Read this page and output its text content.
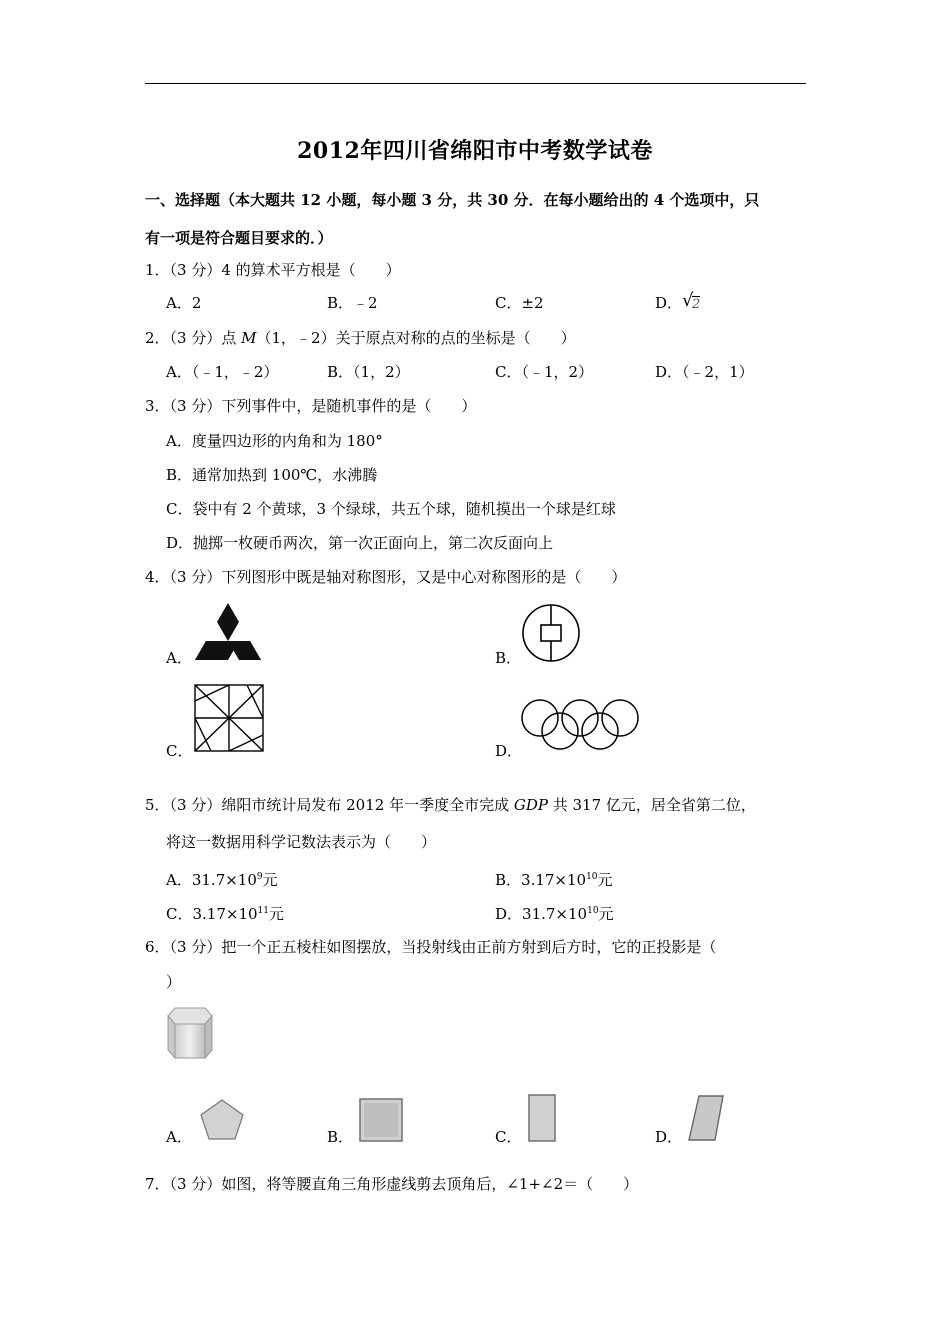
2012年四川省绵阳市中考数学试卷
一、选择题（本大题共 12 小题，每小题 3 分，共 30 分．在每小题给出的 4 个选项中，只
有一项是符合题目要求的．）
1．（3 分）4 的算术平方根是（　　）
A．2	B．﹣2	C．±2	D． √
2
2．（3 分）点 M（1，﹣2）关于原点对称的点的坐标是（　　）
A．（﹣1，﹣2）	B．（1，2）	C．（﹣1，2）	D．（﹣2，1）
3．（3 分）下列事件中，是随机事件的是（　　）
A．度量四边形的内角和为 180°
B．通常加热到 100℃，水沸腾
C．袋中有 2 个黄球，3 个绿球，共五个球，随机摸出一个球是红球
D．抛掷一枚硬币两次，第一次正面向上，第二次反面向上
4．（3 分）下列图形中既是轴对称图形，又是中心对称图形的是（　　）
A．	B．
C．	D．
5．（3 分）绵阳市统计局发布 2012 年一季度全市完成 GDP 共 317 亿元，居全省第二位，
将这一数据用科学记数法表示为（　　）
A．$31.7\times 10^9$元	B．$3.17\times 10^{10}$元
C．$3.17\times 10^{11}$元	D．$31.7\times 10^{10}$元
6．（3 分）把一个正五棱柱如图摆放，当投射线由正前方射到后方时，它的正投影是（
）
A．	B．	C．	D．
7．（3 分）如图，将等腰直角三角形虚线剪去顶角后，∠1+∠2＝（　　）
